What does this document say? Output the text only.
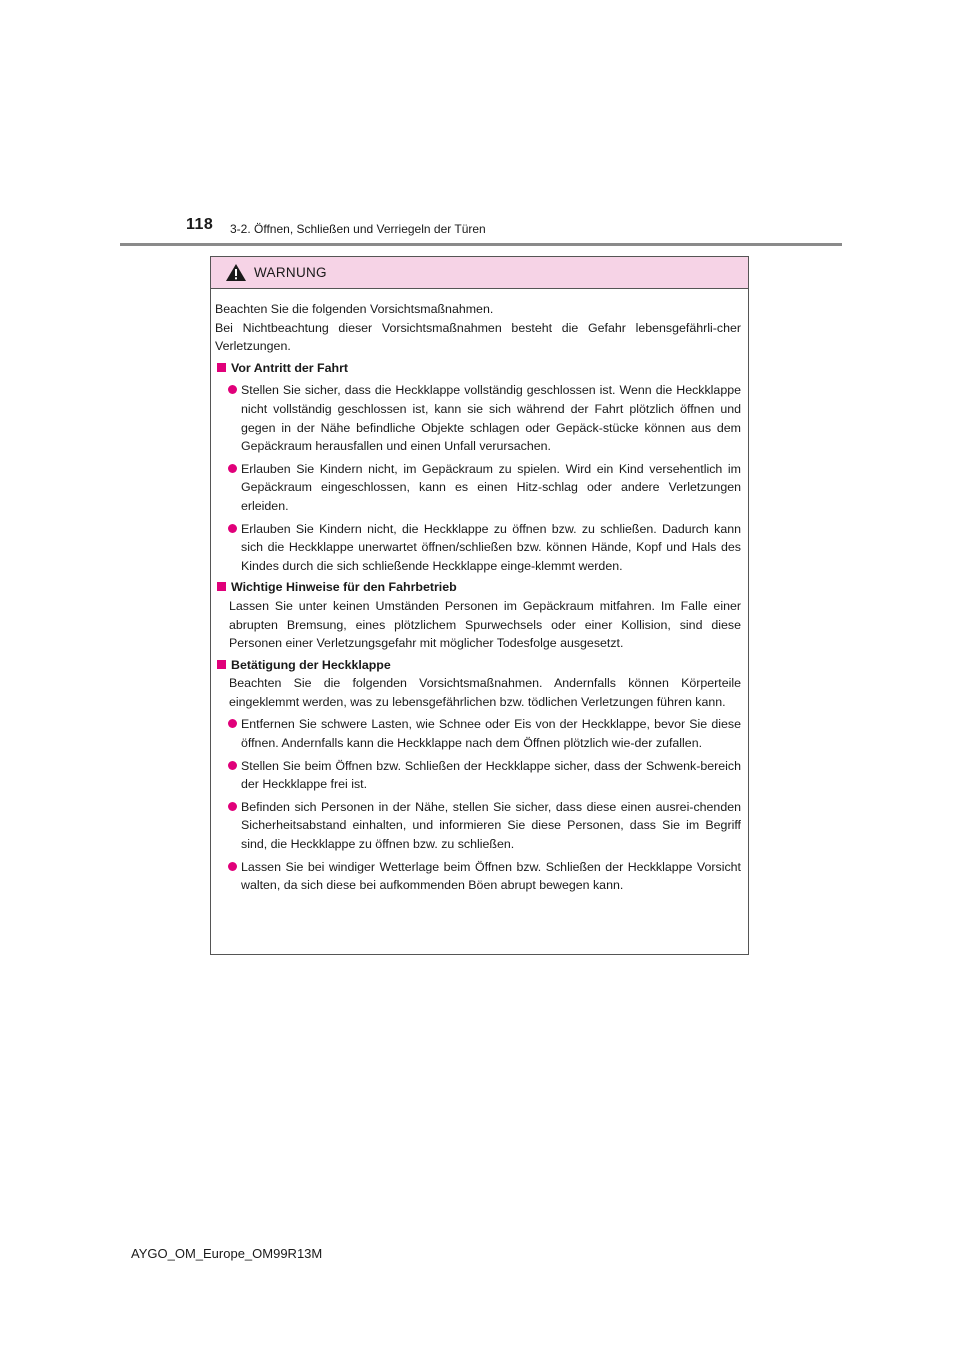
118 3-2. Öffnen, Schließen und Verriegeln der Türen
WARNUNG

Beachten Sie die folgenden Vorsichtsmaßnahmen.

Bei Nichtbeachtung dieser Vorsichtsmaßnahmen besteht die Gefahr lebensgefährli-cher Verletzungen.

Vor Antritt der Fahrt

Stellen Sie sicher, dass die Heckklappe vollständig geschlossen ist. Wenn die Heckklappe nicht vollständig geschlossen ist, kann sie sich während der Fahrt plötzlich öffnen und gegen in der Nähe befindliche Objekte schlagen oder Gepäck-stücke können aus dem Gepäckraum herausfallen und einen Unfall verursachen.

Erlauben Sie Kindern nicht, im Gepäckraum zu spielen. Wird ein Kind versehentlich im Gepäckraum eingeschlossen, kann es einen Hitz-schlag oder andere Verletzungen erleiden.

Erlauben Sie Kindern nicht, die Heckklappe zu öffnen bzw. zu schließen. Dadurch kann sich die Heckklappe unerwartet öffnen/schließen bzw. können Hände, Kopf und Hals des Kindes durch die sich schließende Heckklappe einge-klemmt werden.

Wichtige Hinweise für den Fahrbetrieb

Lassen Sie unter keinen Umständen Personen im Gepäckraum mitfahren. Im Falle einer abrupten Bremsung, eines plötzlichem Spurwechsels oder einer Kollision, sind diese Personen einer Verletzungsgefahr mit möglicher Todesfolge ausgesetzt.

Betätigung der Heckklappe

Beachten Sie die folgenden Vorsichtsmaßnahmen. Andernfalls können Körperteile eingeklemmt werden, was zu lebensgefährlichen bzw. tödlichen Verletzungen führen kann.

Entfernen Sie schwere Lasten, wie Schnee oder Eis von der Heckklappe, bevor Sie diese öffnen. Andernfalls kann die Heckklappe nach dem Öffnen plötzlich wie-der zufallen.

Stellen Sie beim Öffnen bzw. Schließen der Heckklappe sicher, dass der Schwenk-bereich der Heckklappe frei ist.

Befinden sich Personen in der Nähe, stellen Sie sicher, dass diese einen ausrei-chenden Sicherheitsabstand einhalten, und informieren Sie diese Personen, dass Sie im Begriff sind, die Heckklappe zu öffnen bzw. zu schließen.

Lassen Sie bei windiger Wetterlage beim Öffnen bzw. Schließen der Heckklappe Vorsicht walten, da sich diese bei aufkommenden Böen abrupt bewegen kann.

AYGO_OM_Europe_OM99R13M
